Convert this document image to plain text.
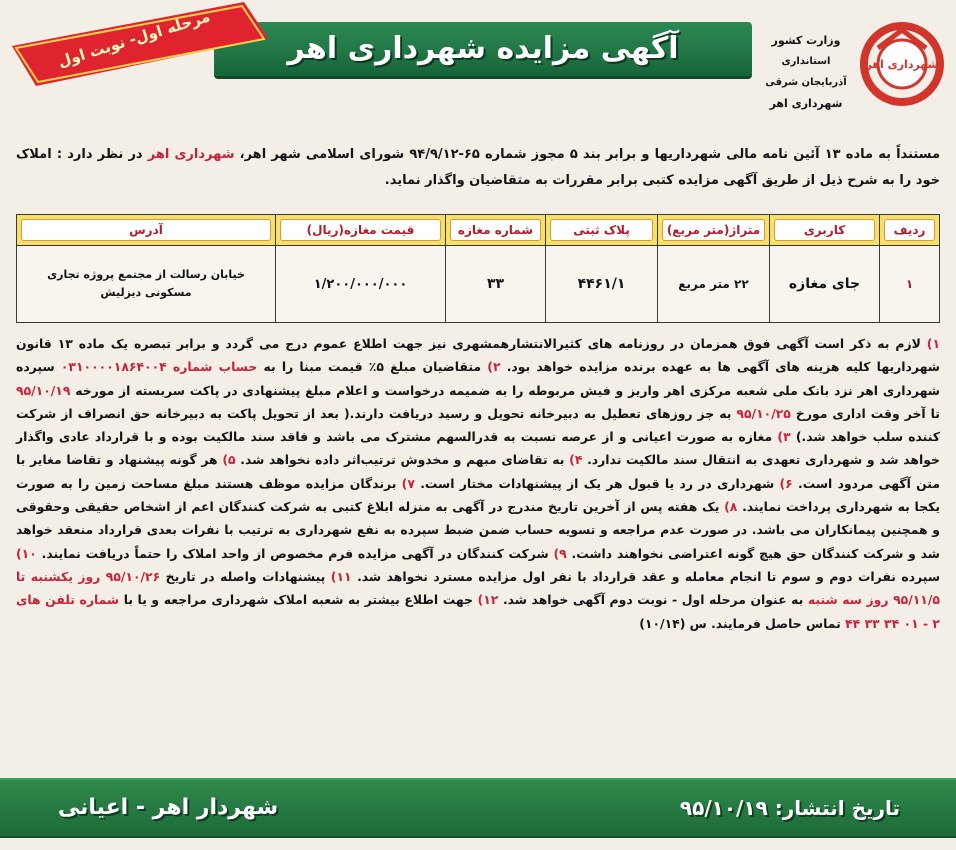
شهرداری اهر
وزارت کشور
استانداری آذربایجان شرقی
شهرداری اهر
آگهی مزایده شهرداری اهر
مرحله اول- نوبت اول
مستنداً به ماده ۱۳ آئین نامه مالی شهرداریها و برابر بند ۵ مجوز شماره ۶۵-۹۴/۹/۱۲ شورای اسلامی شهر اهر، شهرداری اهر در نظر دارد : املاک خود را به شرح ذیل از طریق آگهی مزایده کتبی برابر مقررات به متقاضیان واگذار نماید.
ردیف	کاربری	متراژ(متر مربع)	پلاک ثبتی	شماره مغازه	قیمت مغازه(ریال)	آدرس

۱	جای مغازه	۲۲ متر مربع	۴۴۶۱/۱	۳۳	۱/۲۰۰/۰۰۰/۰۰۰	خیابان رسالت از مجتمع پروژه تجاری مسکونی دیزلیش
۱) لازم به ذکر است آگهی فوق همزمان در روزنامه های کثیرالانتشارهمشهری نیز جهت اطلاع عموم درج می گردد و برابر تبصره یک ماده ۱۳ قانون شهرداریها کلیه هزینه های آگهی ها به عهده برنده مزایده خواهد بود. ۲) متقاضیان مبلغ ۵٪ قیمت مبنا را به حساب شماره ۰۳۱۰۰۰۰۱۸۶۴۰۰۴ سپرده شهرداری اهر نزد بانک ملی شعبه مرکزی اهر واریز و فیش مربوطه را به ضمیمه درخواست و اعلام مبلغ پیشنهادی در پاکت سربسته از مورخه ۹۵/۱۰/۱۹ تا آخر وقت اداری مورخ ۹۵/۱۰/۲۵ به جز روزهای تعطیل به دبیرخانه تحویل و رسید دریافت دارند.( بعد از تحویل پاکت به دبیرخانه حق انصراف از شرکت کننده سلب خواهد شد.) ۳) مغازه به صورت اعیانی و از عرصه نسبت به قدرالسهم مشترک می باشد و فاقد سند مالکیت بوده و با قرارداد عادی واگذار خواهد شد و شهرداری تعهدی به انتقال سند مالکیت ندارد. ۴) به تقاضای مبهم و مخدوش ترتیب‌اثر داده نخواهد شد. ۵) هر گونه پیشنهاد و تقاضا مغایر با متن آگهی مردود است. ۶) شهرداری در رد یا قبول هر یک از پیشنهادات مختار است. ۷) برندگان مزایده موظف هستند مبلغ مساحت زمین را به صورت یکجا به شهرداری پرداخت نمایند. ۸) یک هفته پس از آخرین تاریخ مندرج در آگهی به منزله ابلاغ کتبی به شرکت کنندگان اعم از اشخاص حقیقی وحقوقی و همچنین پیمانکاران می باشد. در صورت عدم مراجعه و تسویه حساب ضمن ضبط سپرده به نفع شهرداری به ترتیب با نفرات بعدی قرارداد منعقد خواهد شد و شرکت کنندگان حق هیچ گونه اعتراضی نخواهند داشت. ۹) شرکت کنندگان در آگهی مزایده فرم مخصوص از واحد املاک را حتماً دریافت نمایند. ۱۰) سپرده نفرات دوم و سوم تا انجام معامله و عقد قرارداد با نفر اول مزایده مسترد نخواهد شد. ۱۱) پیشنهادات واصله در تاریخ ۹۵/۱۰/۲۶ روز یکشنبه تا ۹۵/۱۱/۵ روز سه شنبه به عنوان مرحله اول - نوبت دوم آگهی خواهد شد. ۱۲) جهت اطلاع بیشتر به شعبه املاک شهرداری مراجعه و یا با شماره تلفن های ۲ - ۰۱ ۳۴ ۳۳ ۴۴ تماس حاصل فرمایند. س (۱۰/۱۴)
شهردار اهر - اعیانی	تاریخ انتشار: ۹۵/۱۰/۱۹
